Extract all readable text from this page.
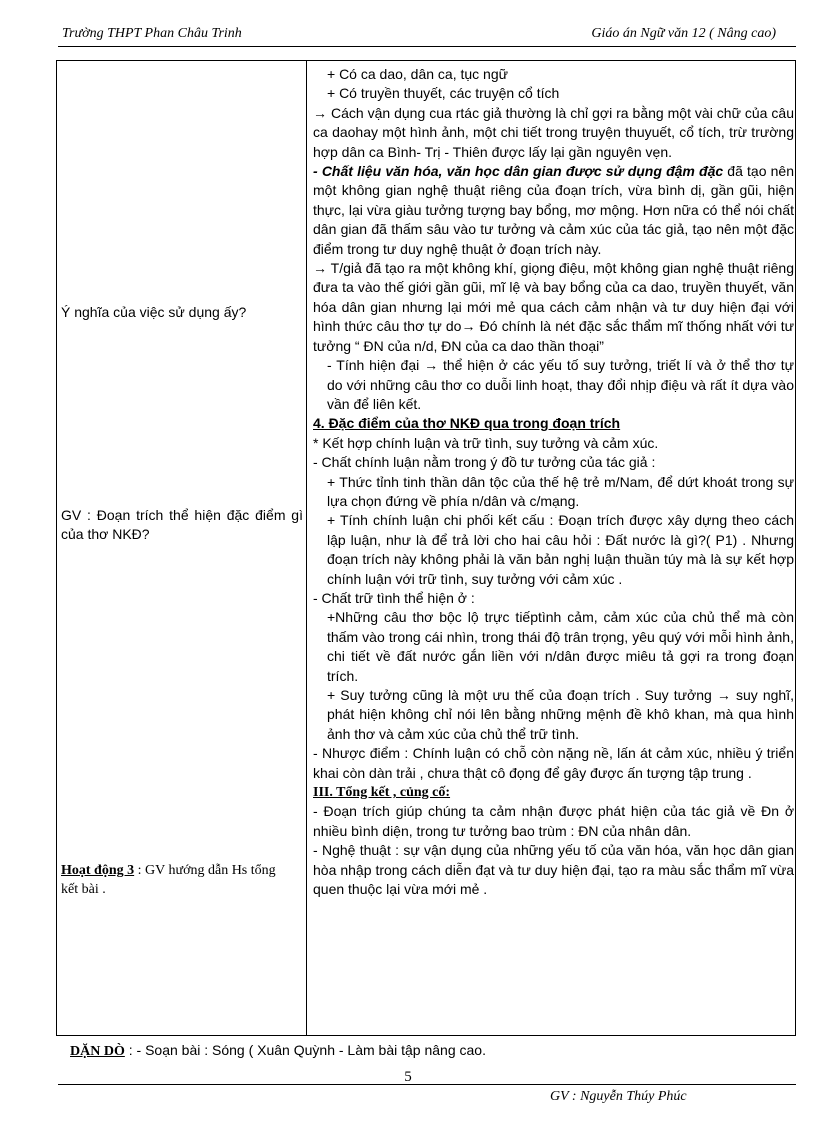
Trường THPT Phan Châu Trinh	Giáo án Ngữ văn 12 ( Nâng cao)
Ý nghĩa của việc sử dụng ấy?
GV : Đoạn trích thể hiện đặc điểm gì của thơ NKĐ?
Hoạt động 3 : GV hướng dẫn Hs tổng kết bài .

+ Có ca dao, dân ca, tục ngữ

+ Có truyền thuyết, các truyện cổ tích

→ Cách vận dụng cua rtác giả thường là chỉ gợi ra bằng một vài chữ của câu ca daohay một hình ảnh, một chi tiết trong truyện thuyuết, cổ tích, trừ trường hợp dân ca Bình- Trị - Thiên được lấy lại gần nguyên vẹn.

- Chất liệu văn hóa, văn học dân gian được sử dụng đậm đặc đã tạo nên một không gian nghệ thuật riêng của đoạn trích, vừa bình dị, gần gũi, hiện thực, lại vừa giàu tưởng tượng bay bổng, mơ mộng. Hơn nữa có thể nói chất dân gian đã thấm sâu vào tư tưởng và cảm xúc của tác giả, tạo nên một đặc điểm trong tư duy nghệ thuật ở đoạn trích này.

→ T/giả đã tạo ra một không khí, giọng điệu, một không gian nghệ thuật riêng đưa ta vào thế giới gần gũi, mĩ lệ và bay bổng của ca dao, truyền thuyết, văn hóa dân gian nhưng lại mới mẻ qua cách cảm nhận và tư duy hiện đại với hình thức câu thơ tự do→ Đó chính là nét đặc sắc thẩm mĩ thống nhất với tư tưởng “ ĐN của n/d, ĐN của ca dao thần thoại”

- Tính hiện đại → thể hiện ở các yếu tố suy tưởng, triết lí và ở thể thơ tự do với những câu thơ co duỗi linh hoạt, thay đổi nhịp điệu và rất ít dựa vào vần để liên kết.

4. Đặc điểm của thơ NKĐ qua trong đoạn trích

* Kết hợp chính luận và trữ tình, suy tưởng và cảm xúc.

- Chất chính luận nằm trong ý đồ tư tưởng của tác giả :

+ Thức tỉnh tinh thần dân tộc của thế hệ trẻ m/Nam, để dứt khoát trong sự lựa chọn đứng về phía n/dân và c/mạng.

+ Tính chính luận chi phối kết cấu : Đoạn trích được xây dựng theo cách lập luận, như là để trả lời cho hai câu hỏi : Đất nước là gì?( P1) . Nhưng đoạn trích này không phải là văn bản nghị luận thuần túy mà là sự kết hợp chính luận với trữ tình, suy tưởng với cảm xúc .

- Chất trữ tình thể hiện ở :

+Những câu thơ bộc lộ trực tiếptình cảm, cảm xúc của chủ thể mà còn thấm vào trong cái nhìn, trong thái độ trân trọng, yêu quý với mỗi hình ảnh, chi tiết về đất nước gắn liền với n/dân được miêu tả gợi ra trong đoạn trích.

+ Suy tưởng cũng là một ưu thế của đoạn trích . Suy tưởng → suy nghĩ, phát hiện không chỉ nói lên bằng những mệnh đề khô khan, mà qua hình ảnh thơ và cảm xúc của chủ thể trữ tình.

- Nhược điểm : Chính luận có chỗ còn nặng nề, lấn át cảm xúc, nhiều ý triển khai còn dàn trải , chưa thật cô đọng để gây được ấn tượng tập trung .

III. Tổng kết , củng cố:

- Đoạn trích giúp chúng ta cảm nhận được phát hiện của tác giả về Đn ở nhiều bình diện, trong tư tưởng bao trùm : ĐN của nhân dân.

- Nghệ thuật : sự vận dụng của những yếu tố của văn hóa, văn học dân gian hòa nhập trong cách diễn đạt và tư duy hiện đại, tạo ra màu sắc thẩm mĩ vừa quen thuộc lại vừa mới mẻ .

DẶN DÒ : - Soạn bài : Sóng ( Xuân Quỳnh - Làm bài tập nâng cao.
5
GV : Nguyễn Thúy Phúc
